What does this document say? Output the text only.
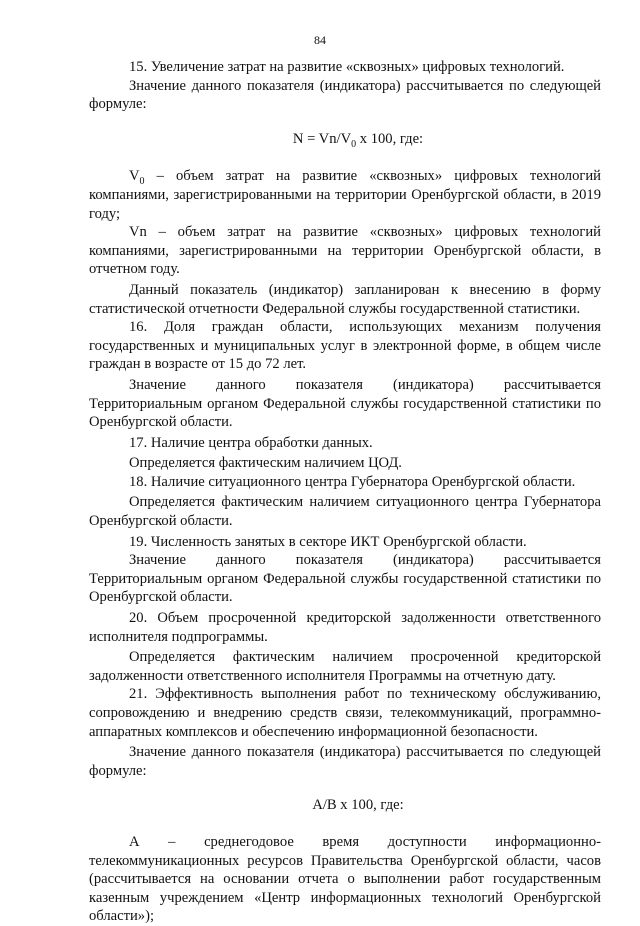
84

15. Увеличение затрат на развитие «сквозных» цифровых технологий.

Значение данного показателя (индикатора) рассчитывается по следующей формуле:

$N = Vn/V_0$ x 100, где:

$V_0$ – объем затрат на развитие «сквозных» цифровых технологий компаниями, зарегистрированными на территории Оренбургской области, в 2019 году;

Vn – объем затрат на развитие «сквозных» цифровых технологий компаниями, зарегистрированными на территории Оренбургской области, в отчетном году.

Данный показатель (индикатор) запланирован к внесению в форму статистической отчетности Федеральной службы государственной статистики.

16. Доля граждан области, использующих механизм получения государственных и муниципальных услуг в электронной форме, в общем числе граждан в возрасте от 15 до 72 лет.

Значение данного показателя (индикатора) рассчитывается Территориальным органом Федеральной службы государственной статистики по Оренбургской области.

17. Наличие центра обработки данных.

Определяется фактическим наличием ЦОД.

18. Наличие ситуационного центра Губернатора Оренбургской области.

Определяется фактическим наличием ситуационного центра Губернатора Оренбургской области.

19. Численность занятых в секторе ИКТ Оренбургской области.

Значение данного показателя (индикатора) рассчитывается Территориальным органом Федеральной службы государственной статистики по Оренбургской области.

20. Объем просроченной кредиторской задолженности ответственного исполнителя подпрограммы.

Определяется фактическим наличием просроченной кредиторской задолженности ответственного исполнителя Программы на отчетную дату.

21. Эффективность выполнения работ по техническому обслуживанию, сопровождению и внедрению средств связи, телекоммуникаций, программно-аппаратных комплексов и обеспечению информационной безопасности.

Значение данного показателя (индикатора) рассчитывается по следующей формуле:

A/B x 100, где:

А – среднегодовое время доступности информационно-телекоммуникационных ресурсов Правительства Оренбургской области, часов (рассчитывается на основании отчета о выполнении работ государственным казенным учреждением «Центр информационных технологий Оренбургской области»);
